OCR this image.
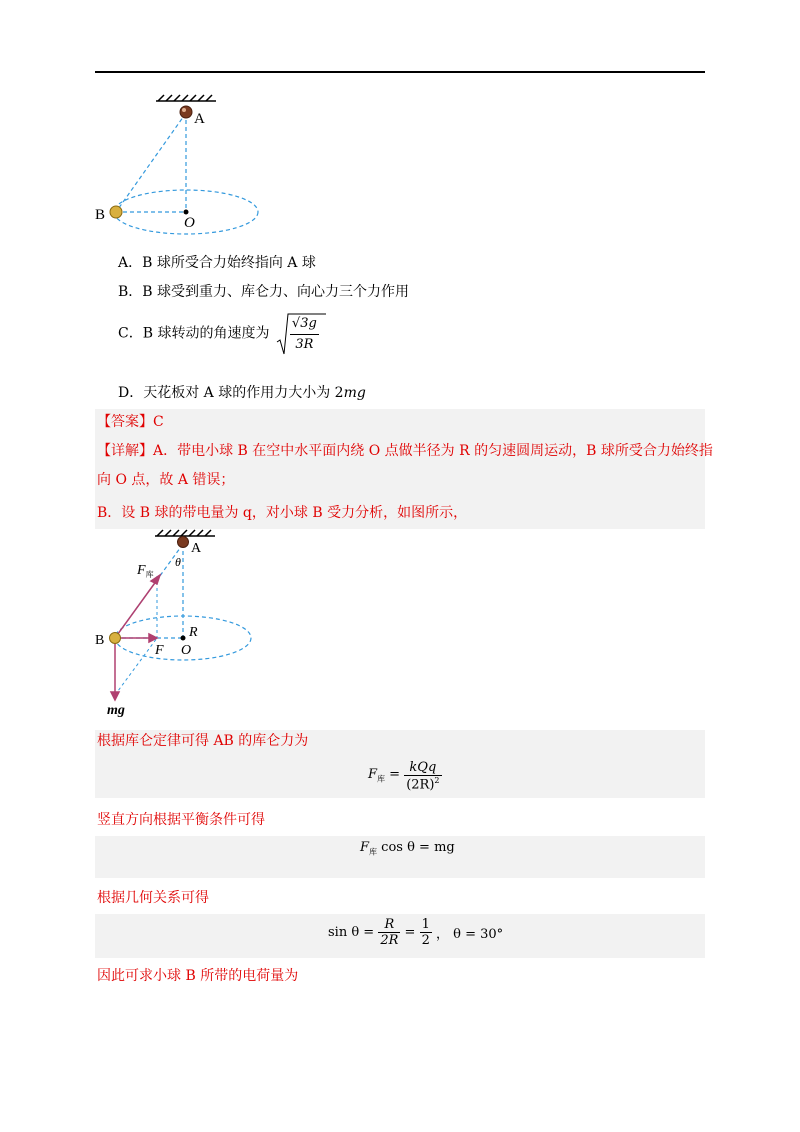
A
B	O
A．B 球所受合力始终指向 A 球
B．B 球受到重力、库仑力、向心力三个力作用
C．B 球转动的角速度为 $\frac{√3g}{3R}$
D．天花板对 A 球的作用力大小为 2mg
【答案】C
【详解】A．带电小球 B 在空中水平面内绕 O 点做半径为 R 的匀速圆周运动，B 球所受合力始终指
向 O 点，故 A 错误；
B．设 B 球的带电量为 q，对小球 B 受力分析，如图所示，
A
θ
$F_库$
R
B
F O
mg
根据库仑定律可得 AB 的库仑力为
$F_库 = \frac{\text{kQq}}{(2R)^2}$
竖直方向根据平衡条件可得
$F_库$ cos θ = mg
根据几何关系可得
$\sin \theta = \frac{R}{2R} = \frac{1}{2}$ ， θ = 30°
因此可求小球 B 所带的电荷量为
